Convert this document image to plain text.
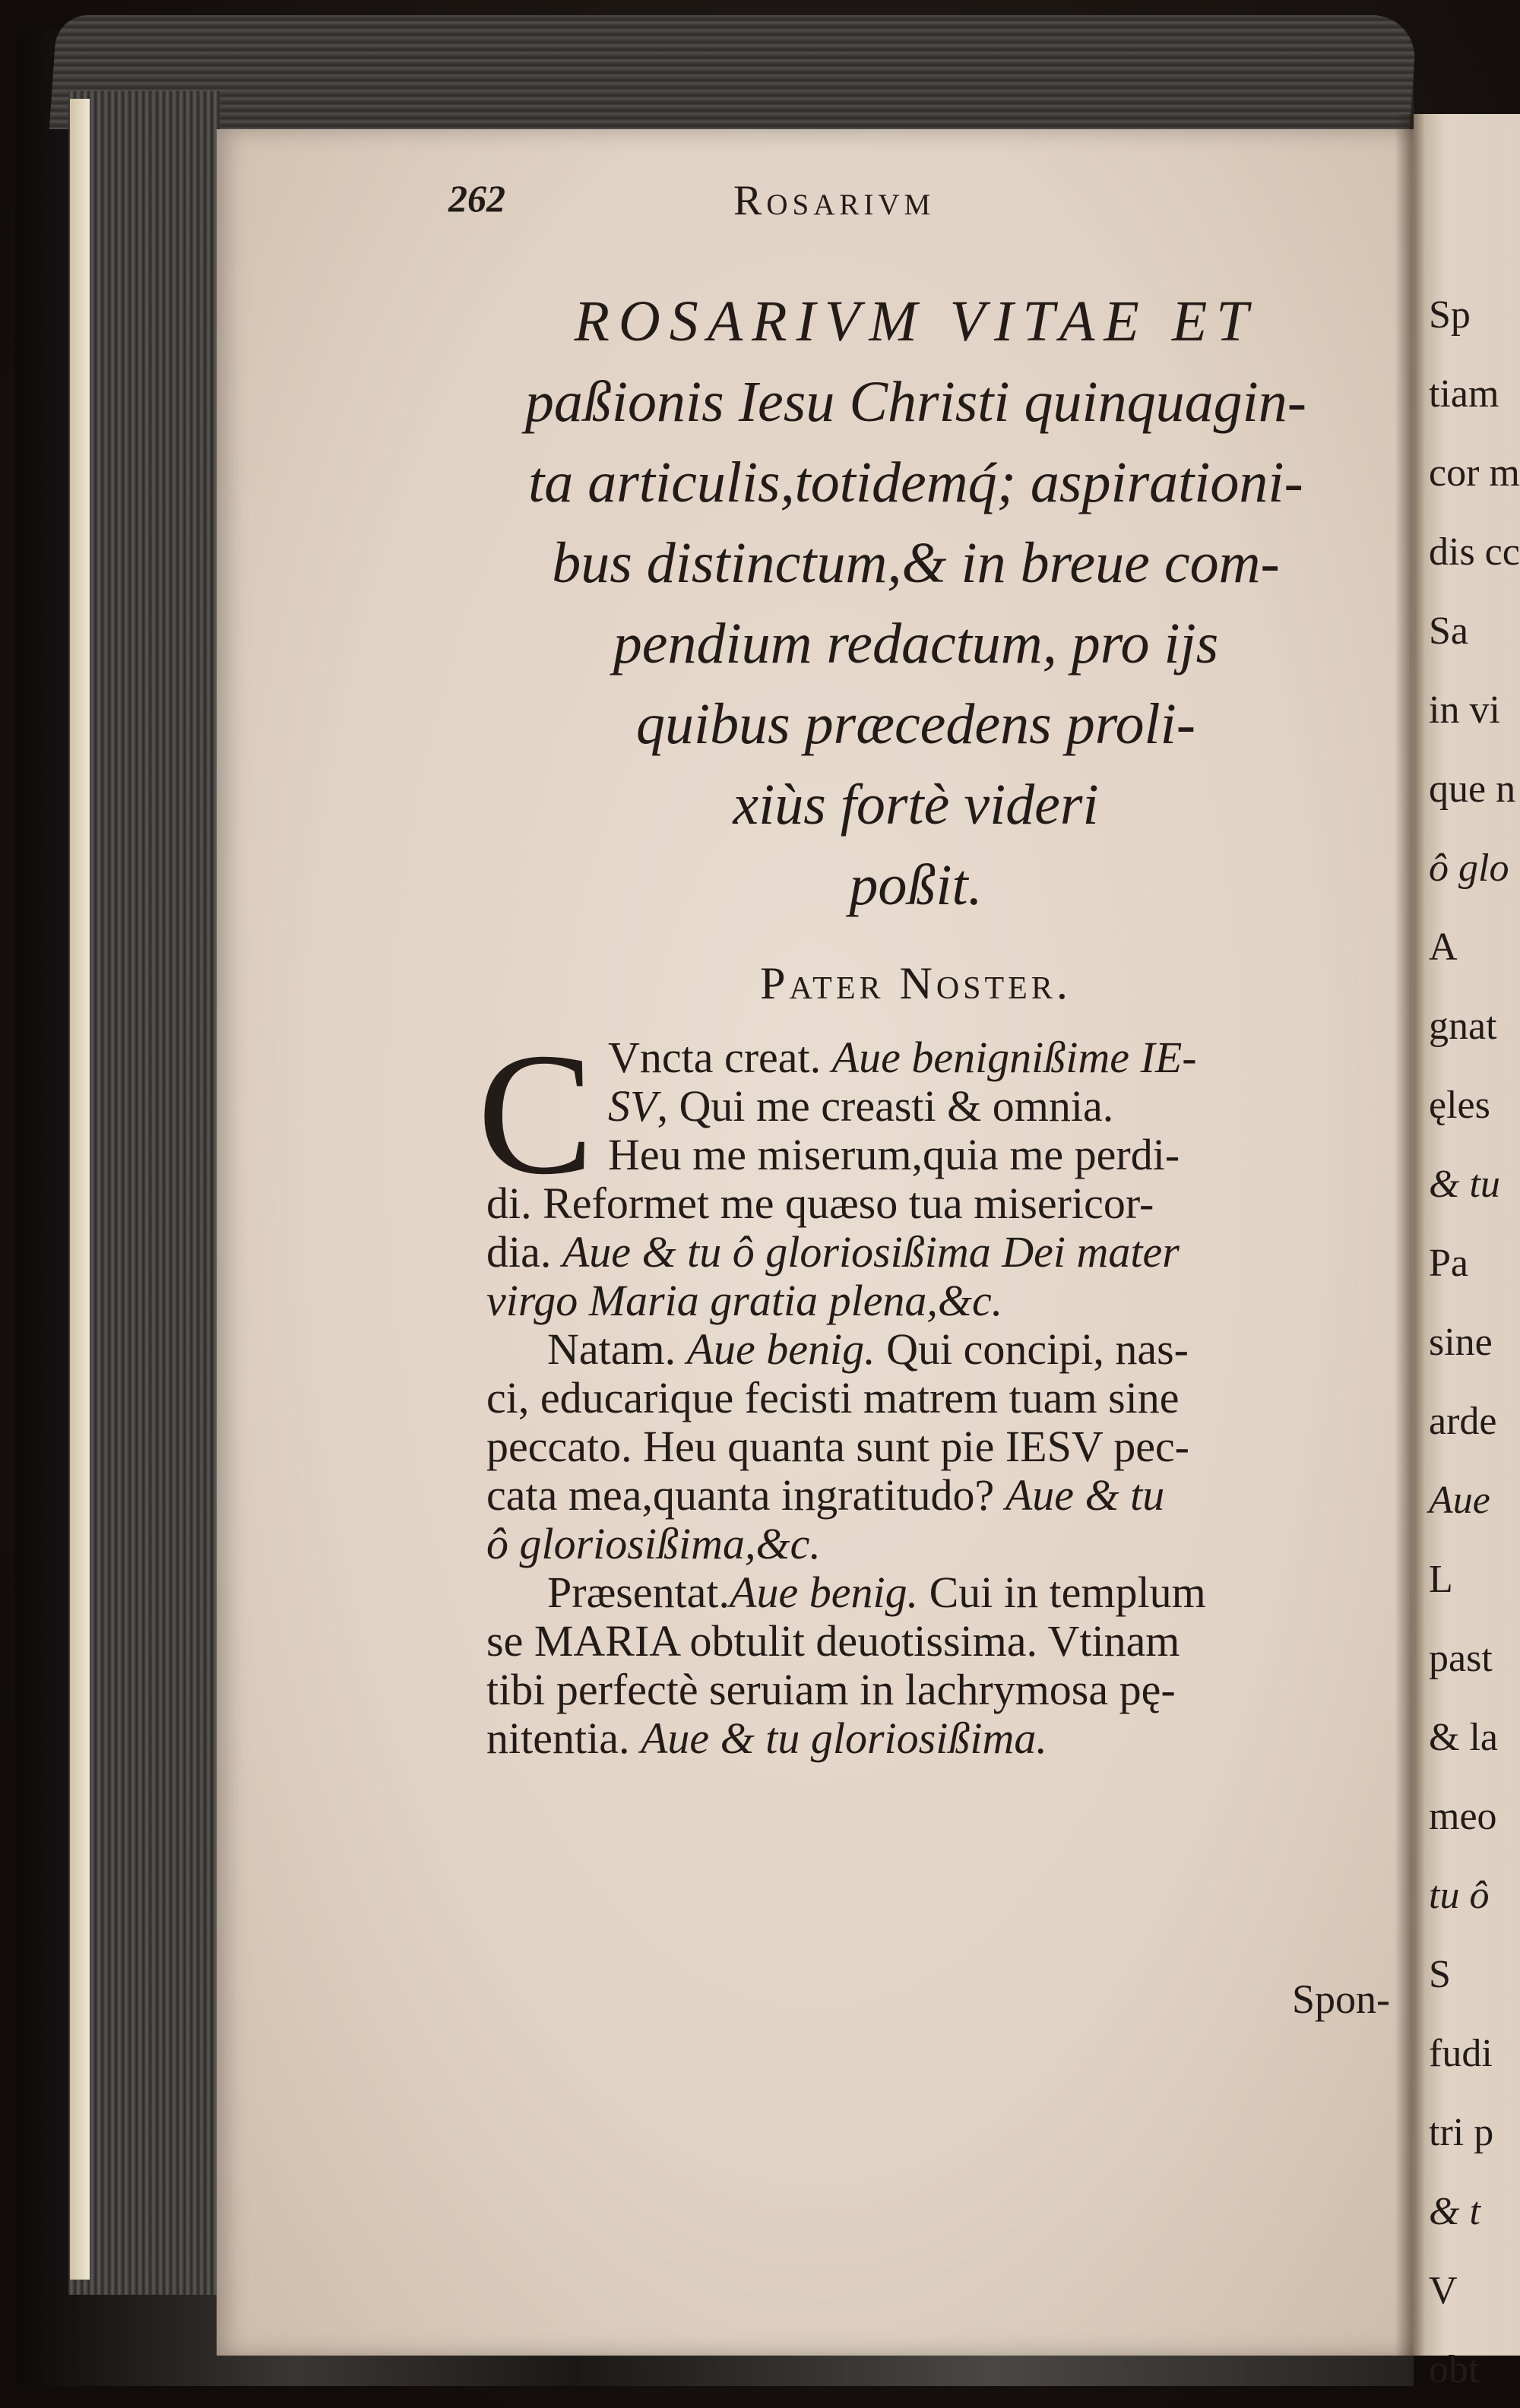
262	Rosarivm
ROSARIVM VITAE ET
paßionis Iesu Christi quinquagin-
ta articulis,totidemq́; aspirationi-
bus distinctum,& in breue com-
pendium redactum, pro ijs
quibus præcedens proli-
xiùs fortè videri
poßit.
Pater Noster.
C Vncta creat. Aue benignißime IE-
SV, Qui me creasti & omnia.
Heu me miserum,quia me perdi-
di. Reformet me quæso tua misericor-
dia. Aue & tu ô gloriosißima Dei mater
virgo Maria gratia plena,&c.
Natam. Aue benig. Qui concipi, nas-
ci, educarique fecisti matrem tuam sine
peccato. Heu quanta sunt pie IESV pec-
cata mea,quanta ingratitudo? Aue & tu
ô gloriosißima,&c.
Præsentat.Aue benig. Cui in templum
se MARIA obtulit deuotissima. Vtinam
tibi perfectè seruiam in lachrymosa pę-
nitentia. Aue & tu gloriosißima.
Spon-
Sp
tiam
cor m
dis cc
Sa
in vi
que n
ô glo
A
gnat
ęles
& tu
Pa
sine
arde
Aue
L
past
& la
meo
tu ô
S
fudi
tri p
& t
V
obt
